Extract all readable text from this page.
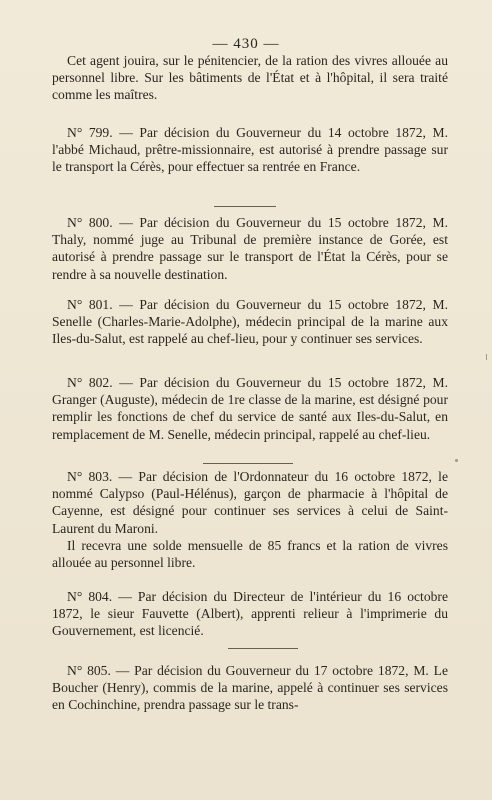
— 430 —

Cet agent jouira, sur le pénitencier, de la ration des vivres allouée au personnel libre. Sur les bâtiments de l'État et à l'hôpital, il sera traité comme les maîtres.

N° 799. — Par décision du Gouverneur du 14 octobre 1872, M. l'abbé Michaud, prêtre-missionnaire, est autorisé à prendre passage sur le transport la Cérès, pour effectuer sa rentrée en France.

N° 800. — Par décision du Gouverneur du 15 octobre 1872, M. Thaly, nommé juge au Tribunal de première instance de Gorée, est autorisé à prendre passage sur le transport de l'État la Cérès, pour se rendre à sa nouvelle destination.

N° 801. — Par décision du Gouverneur du 15 octobre 1872, M. Senelle (Charles-Marie-Adolphe), médecin principal de la marine aux Iles-du-Salut, est rappelé au chef-lieu, pour y continuer ses services.

N° 802. — Par décision du Gouverneur du 15 octobre 1872, M. Granger (Auguste), médecin de 1re classe de la marine, est désigné pour remplir les fonctions de chef du service de santé aux Iles-du-Salut, en remplacement de M. Senelle, médecin principal, rappelé au chef-lieu.

N° 803. — Par décision de l'Ordonnateur du 16 octobre 1872, le nommé Calypso (Paul-Hélénus), garçon de pharmacie à l'hôpital de Cayenne, est désigné pour continuer ses services à celui de Saint-Laurent du Maroni.

Il recevra une solde mensuelle de 85 francs et la ration de vivres allouée au personnel libre.

N° 804. — Par décision du Directeur de l'intérieur du 16 octobre 1872, le sieur Fauvette (Albert), apprenti relieur à l'imprimerie du Gouvernement, est licencié.

N° 805. — Par décision du Gouverneur du 17 octobre 1872, M. Le Boucher (Henry), commis de la marine, appelé à continuer ses services en Cochinchine, prendra passage sur le trans-
